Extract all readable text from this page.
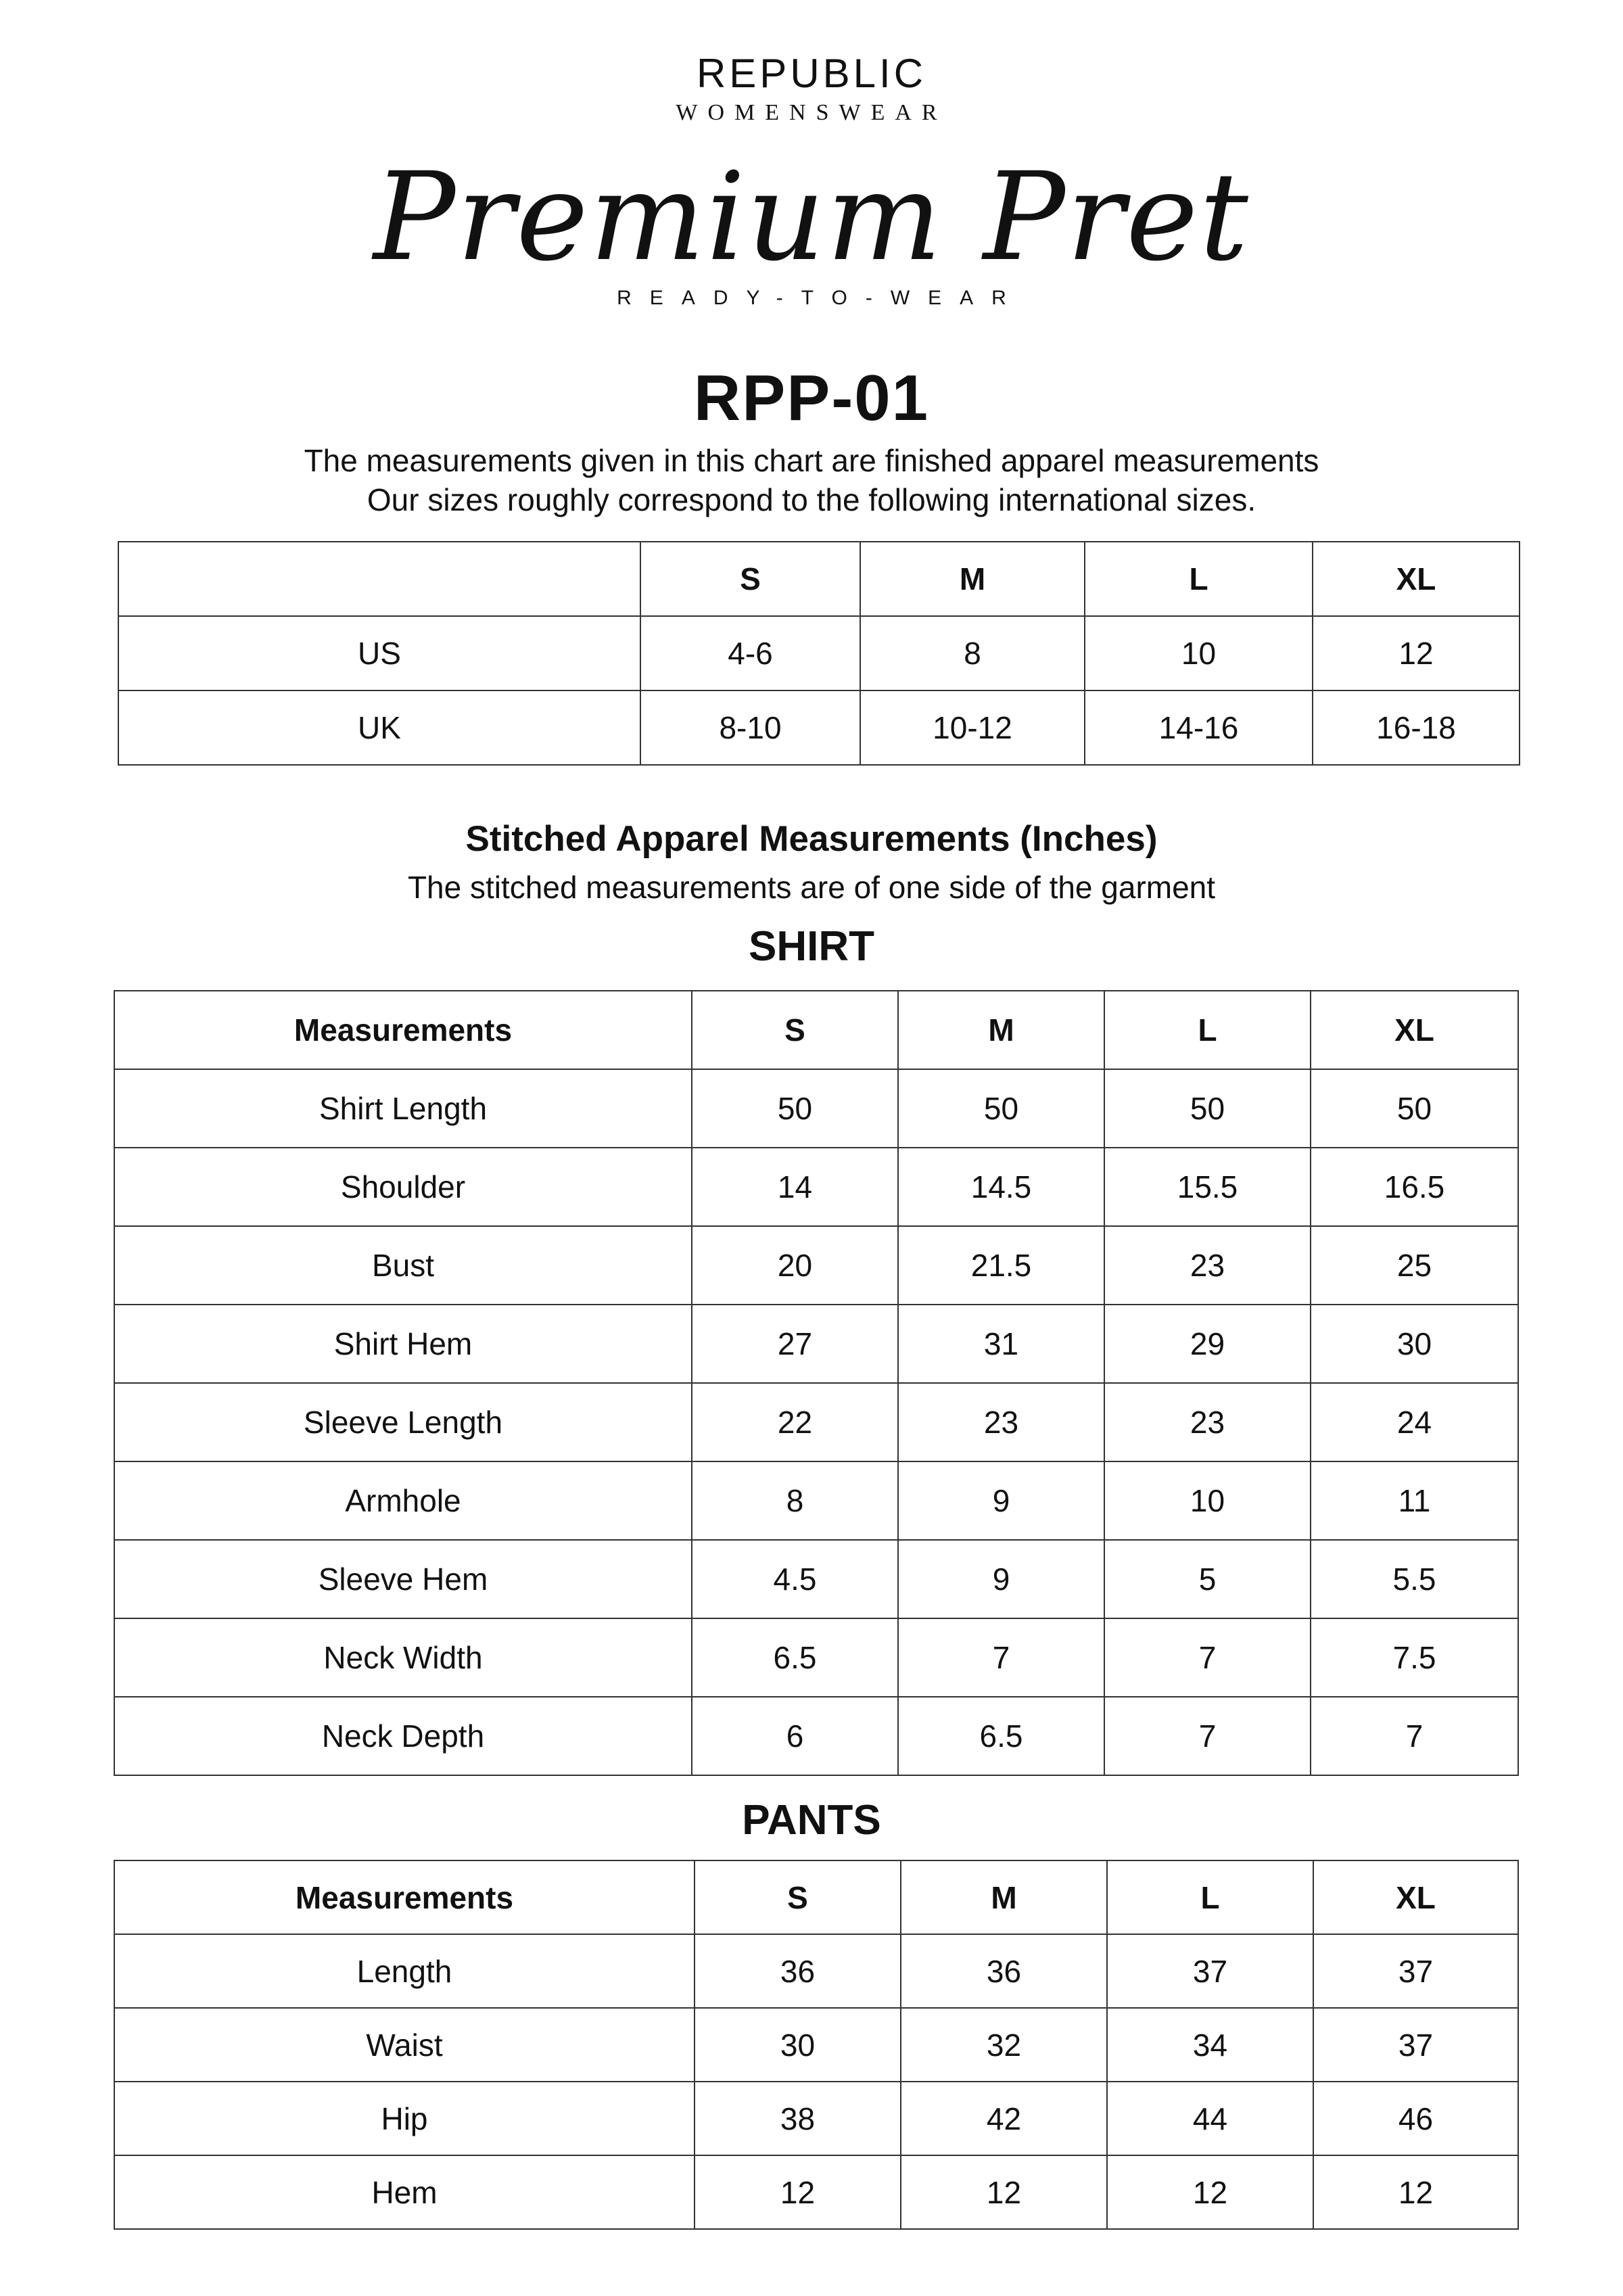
REPUBLIC
WOMENSWEAR
Premium Pret
READY-TO-WEAR
RPP-01
The measurements given in this chart are finished apparel measurements
Our sizes roughly correspond to the following international sizes.
	S	M	L	XL
US	4-6	8	10	12
UK	8-10	10-12	14-16	16-18
Stitched Apparel Measurements (Inches)
The stitched measurements are of one side of the garment
SHIRT
Measurements	S	M	L	XL
Shirt Length	50	50	50	50
Shoulder	14	14.5	15.5	16.5
Bust	20	21.5	23	25
Shirt Hem	27	31	29	30
Sleeve Length	22	23	23	24
Armhole	8	9	10	11
Sleeve Hem	4.5	9	5	5.5
Neck Width	6.5	7	7	7.5
Neck Depth	6	6.5	7	7
PANTS
Measurements	S	M	L	XL
Length	36	36	37	37
Waist	30	32	34	37
Hip	38	42	44	46
Hem	12	12	12	12
